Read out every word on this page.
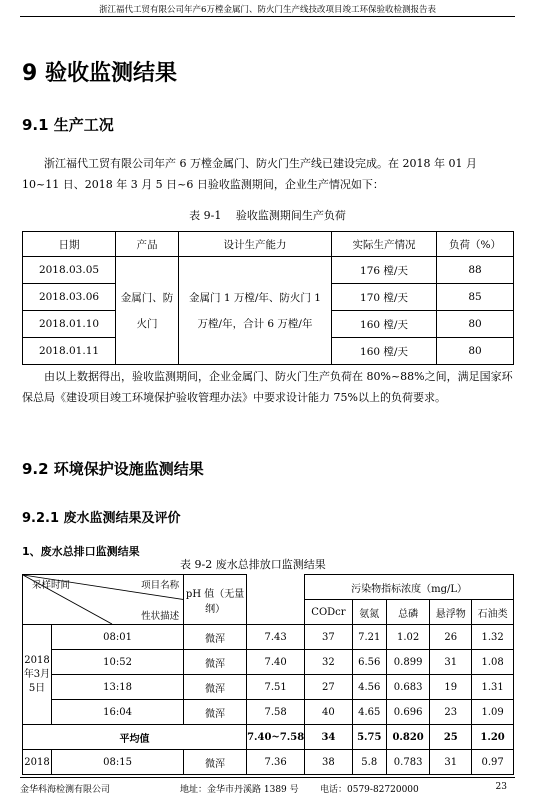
浙江福代工贸有限公司年产6万樘金属门、防火门生产线技改项目竣工环保验收检测报告表
9 验收监测结果
9.1 生产工况
浙江福代工贸有限公司年产 6 万樘金属门、防火门生产线已建设完成。在 2018 年 01 月 10~11 日、2018 年 3 月 5 日~6 日验收监测期间，企业生产情况如下：
表 9-1　 验收监测期间生产负荷
日期	产品	设计生产能力	实际生产情况	负荷（%）
2018.03.05	金属门、防火门	金属门 1 万樘/年、防火门 1 万樘/年，合计 6 万樘/年	176 樘/天	88
2018.03.06			170 樘/天	85
2018.01.10			160 樘/天	80
2018.01.11			160 樘/天	80
由以上数据得出，验收监测期间，企业金属门、防火门生产负荷在 80%~88%之间，满足国家环保总局《建设项目竣工环境保护验收管理办法》中要求设计能力 75%以上的负荷要求。
9.2 环境保护设施监测结果
9.2.1 废水监测结果及评价
1、废水总排口监测结果
表 9-2 废水总排放口监测结果
项目名称
采样时间
性状描述		pH 值（无量纲）		污染物指标浓度（mg/L）				
				CODcr	氨氮	总磷	悬浮物	石油类
2018年3月5日	08:01	微浑	7.43	37	7.21	1.02	26	1.32
	10:52	微浑	7.40	32	6.56	0.899	31	1.08
	13:18	微浑	7.51	27	4.56	0.683	19	1.31
	16:04	微浑	7.58	40	4.65	0.696	23	1.09
平均值			7.40~7.58	34	5.75	0.820	25	1.20
2018	08:15	微浑	7.36	38	5.8	0.783	31	0.97
金华科海检测有限公司	地址：金华市丹溪路 1389 号 电话：0579-82720000	23
